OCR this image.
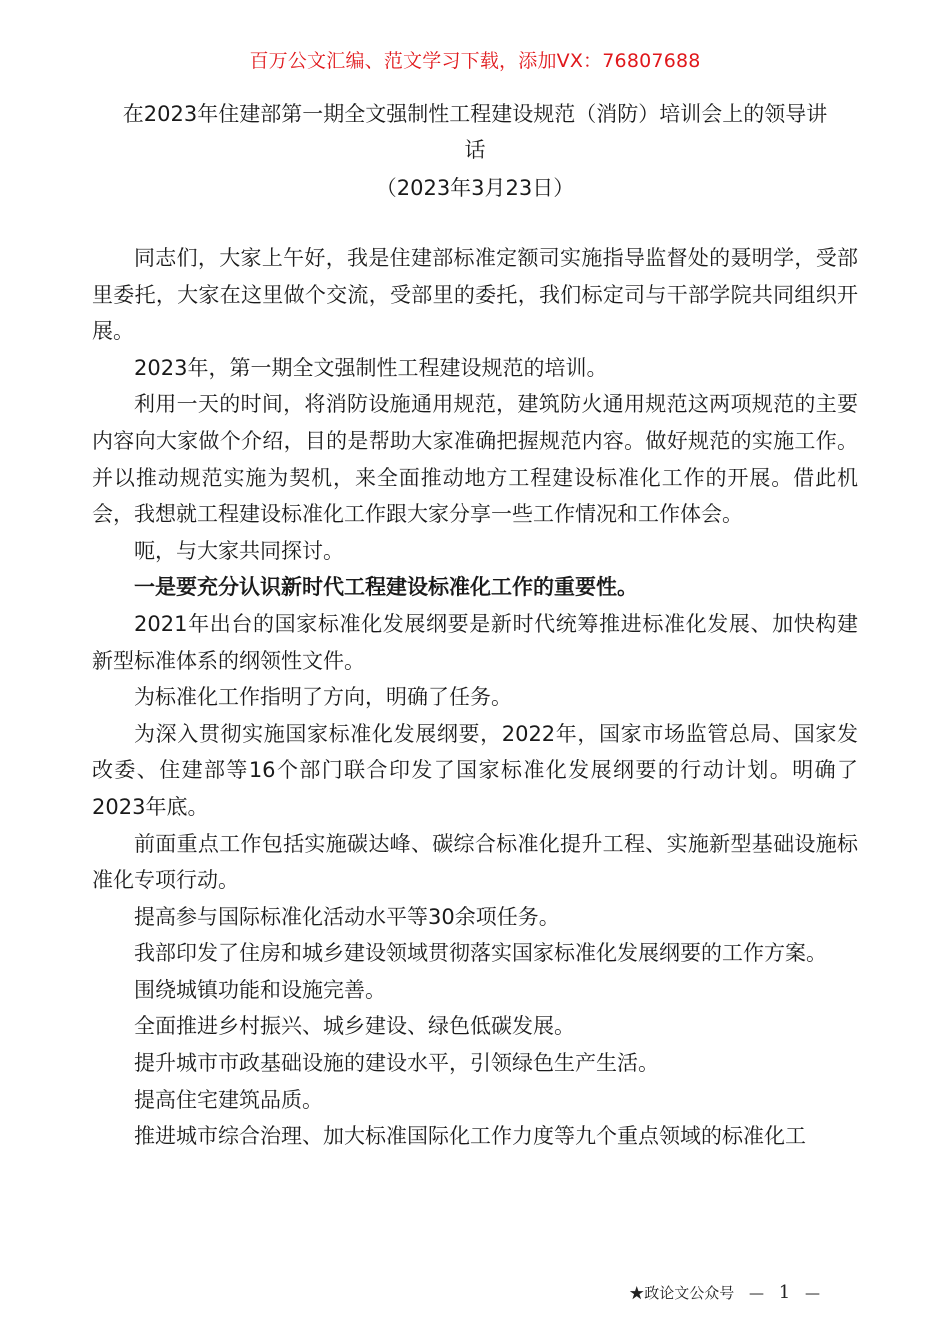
百万公文汇编、范文学习下载，添加VX：76807688
在2023年住建部第一期全文强制性工程建设规范（消防）培训会上的领导讲
话
（2023年3月23日）

同志们，大家上午好，我是住建部标准定额司实施指导监督处的聂明学，受部里委托，大家在这里做个交流，受部里的委托，我们标定司与干部学院共同组织开展。

2023年，第一期全文强制性工程建设规范的培训。

利用一天的时间，将消防设施通用规范，建筑防火通用规范这两项规范的主要内容向大家做个介绍，目的是帮助大家准确把握规范内容。做好规范的实施工作。并以推动规范实施为契机，来全面推动地方工程建设标准化工作的开展。借此机会，我想就工程建设标准化工作跟大家分享一些工作情况和工作体会。

呃，与大家共同探讨。

一是要充分认识新时代工程建设标准化工作的重要性。

2021年出台的国家标准化发展纲要是新时代统筹推进标准化发展、加快构建新型标准体系的纲领性文件。

为标准化工作指明了方向，明确了任务。

为深入贯彻实施国家标准化发展纲要，2022年，国家市场监管总局、国家发改委、住建部等16个部门联合印发了国家标准化发展纲要的行动计划。明确了2023年底。

前面重点工作包括实施碳达峰、碳综合标准化提升工程、实施新型基础设施标准化专项行动。

提高参与国际标准化活动水平等30余项任务。

我部印发了住房和城乡建设领域贯彻落实国家标准化发展纲要的工作方案。

围绕城镇功能和设施完善。

全面推进乡村振兴、城乡建设、绿色低碳发展。

提升城市市政基础设施的建设水平，引领绿色生产生活。

提高住宅建筑品质。

推进城市综合治理、加大标准国际化工作力度等九个重点领域的标准化工

★政论文公众号 — 1 —
